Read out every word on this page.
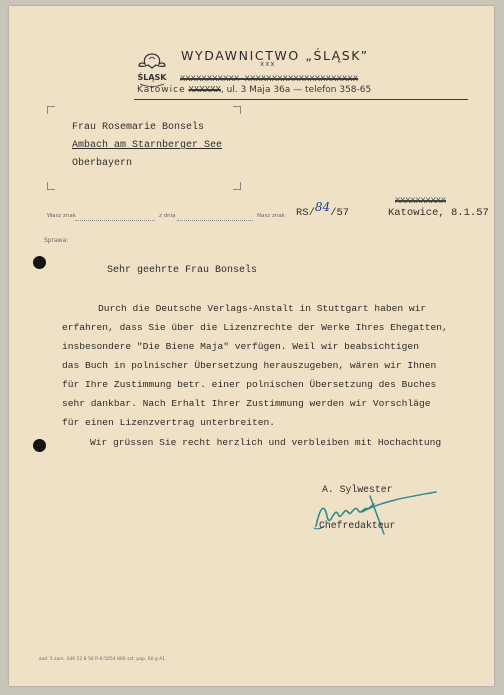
ŚLĄSK
WYDAWNICTWO „ŚLĄSK”
xxx
XXXXXXXXXXX XXXXXXXXXXXXXXXXXXXXX
Katowice XXXXXX, ul. 3 Maja 36a — telefon 358-65
Frau Rosemarie Bonsels
Ambach am Starnberger See
Oberbayern
Wasz znak	z dnia	Nasz znak RS/84/57
XXXXXXXXXX
Katowice, 8.1.57
Sprawa:
Sehr geehrte Frau Bonsels

Durch die Deutsche Verlags-Anstalt in Stuttgart haben wir

erfahren, dass Sie über die Lizenzrechte der Werke Ihres Ehegatten,

insbesondere "Die Biene Maja" verfügen. Weil wir beabsichtigen

das Buch in polnischer Übersetzung herauszugeben, wären wir Ihnen

für Ihre Zustimmung betr. einer polnischen Übersetzung des Buches

sehr dankbar. Nach Erhalt Ihrer Zustimmung werden wir Vorschläge

für einen Lizenzvertrag unterbreiten.

Wir grüssen Sie recht herzlich und verbleiben mit Hochachtung

A. Sylwester
Chefredakteur
zad. 5 zam. 446 12 8 56 R-6-5054 800 szt. pap. 60 g A1
